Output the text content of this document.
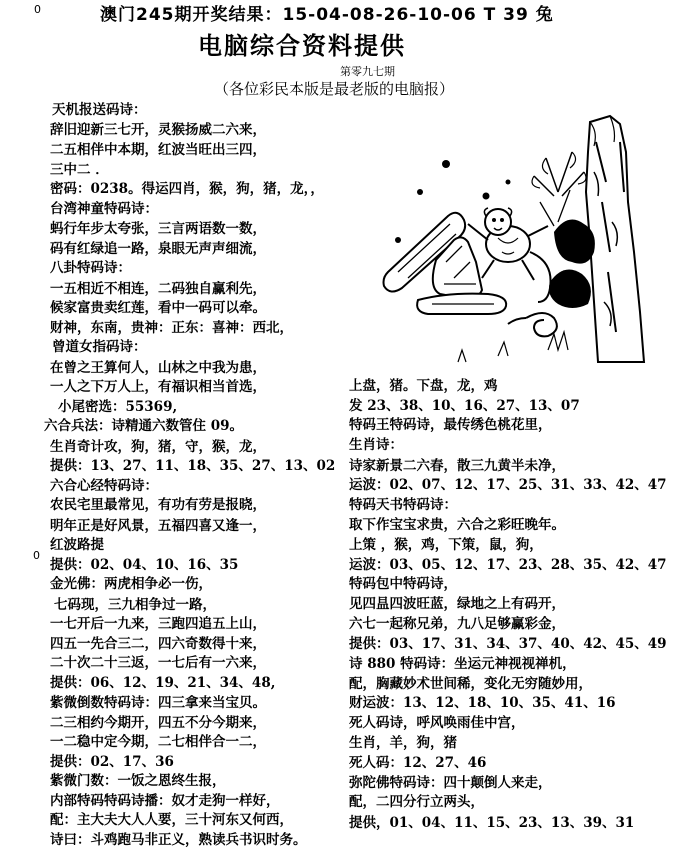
0
0
澳门245期开奖结果：15-04-08-26-10-06 T 39 兔
电脑综合资料提供
第零九七期
（各位彩民本版是最老版的电脑报）
天机报送码诗：
辞旧迎新三七开，灵猴扬威二六来，
二五相伴中本期，红波当旺出三四，
三中二 ．
密码：0238。得运四肖，猴，狗，猪，龙，，
台湾神童特码诗：
蚂行年步太夸张，三言两语数一数，
码有红绿追一路，泉眼无声声细流，
八卦特码诗：
一五相近不相连，二码独自赢利先，
候家富贵卖红莲，看中一码可以牵。
财神，东南，贵神：正东：喜神：西北，
曾道女指码诗：
在曾之王算何人，山林之中我为患，
一人之下万人上，有福识相当首选，
小尾密选：55369,
六合兵法：诗精通六数管住 09。
生肖奇计攻，狗，猪，守，猴，龙，
提供：13、27、11、18、35、27、13、02
六合心经特码诗：
农民宅里最常见，有功有劳是报晓，
明年正是好风景，五福四喜又逢一，
红波路提
提供：02、04、10、16、35
金光佛：两虎相争必一伤，
七码现，三九相争过一路，
一七开后一九来，三跑四追五上山，
四五一先合三二，四六奇数得十来，
二十次二十三返，一七后有一六来，
提供：06、12、19、21、34、48,
紫微倒数特码诗：四三拿来当宝贝。
二三相约今期开，四五不分今期来，
一二稳中定今期，二七相伴合一二，
提供：02、17、36
紫微门数：一饭之恩终生报，
内部特码特码诗播：奴才走狗一样好，
配：主大夫大人人要，三十河东又何西，
诗曰：斗鸡跑马非正义，熟读兵书识时务。
上盘，猪。下盘，龙，鸡
发 23、38、10、16、27、13、07
特码王特码诗，最传绣色桃花里，
生肖诗：
诗家新景二六春，散三九黄半未净，
运波：02、07、12、17、25、31、33、42、47
特码天书特码诗：
取下作宝宝求贵，六合之彩旺晚年。
上策 ，猴，鸡，下策，鼠，狗，
运波：03、05、12、17、23、28、35、42、47
特码包中特码诗，
见四昷四波旺蓝，绿地之上有码开，
六七一起称兄弟，九八足够赢彩金，
提供：03、17、31、34、37、40、42、45、49
诗 880 特码诗：坐运元神视视禅机，
配，胸藏妙术世间稀，变化无穷随妙用，
财运波：13、12、18、10、35、41、16
死人码诗，呼风唤雨佳中宫，
生肖，羊，狗，猪
死人码：12、27、46
弥陀佛特码诗：四十颠倒人来走，
配，二四分行立两头，
提供，01、04、11、15、23、13、39、31
